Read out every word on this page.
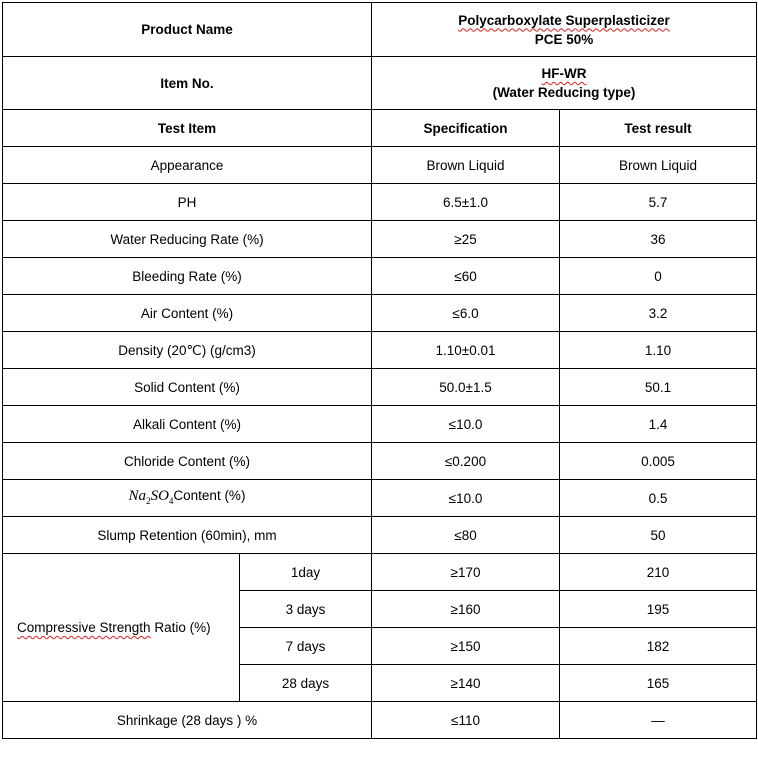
Product Name		Polycarboxylate Superplasticizer
PCE 50%	
Item No.		HF-WR
(Water Reducing type)	
Test Item		Specification	Test result
Appearance		Brown Liquid	Brown Liquid
PH		6.5±1.0	5.7
Water Reducing Rate (%)		≥25	36
Bleeding Rate (%)		≤60	0
Air Content (%)		≤6.0	3.2
Density (20℃) (g/cm3)		1.10±0.01	1.10
Solid Content (%)		50.0±1.5	50.1
Alkali Content (%)		≤10.0	1.4
Chloride Content (%)		≤0.200	0.005
$Na_2SO_4Content$ (%)		≤10.0	0.5
Slump Retention (60min), mm		≤80	50
Compressive Strength Ratio (%)	1day	≥170	210
	3 days	≥160	195
	7 days	≥150	182
	28 days	≥140	165
Shrinkage (28 days ) %		≤110	—
